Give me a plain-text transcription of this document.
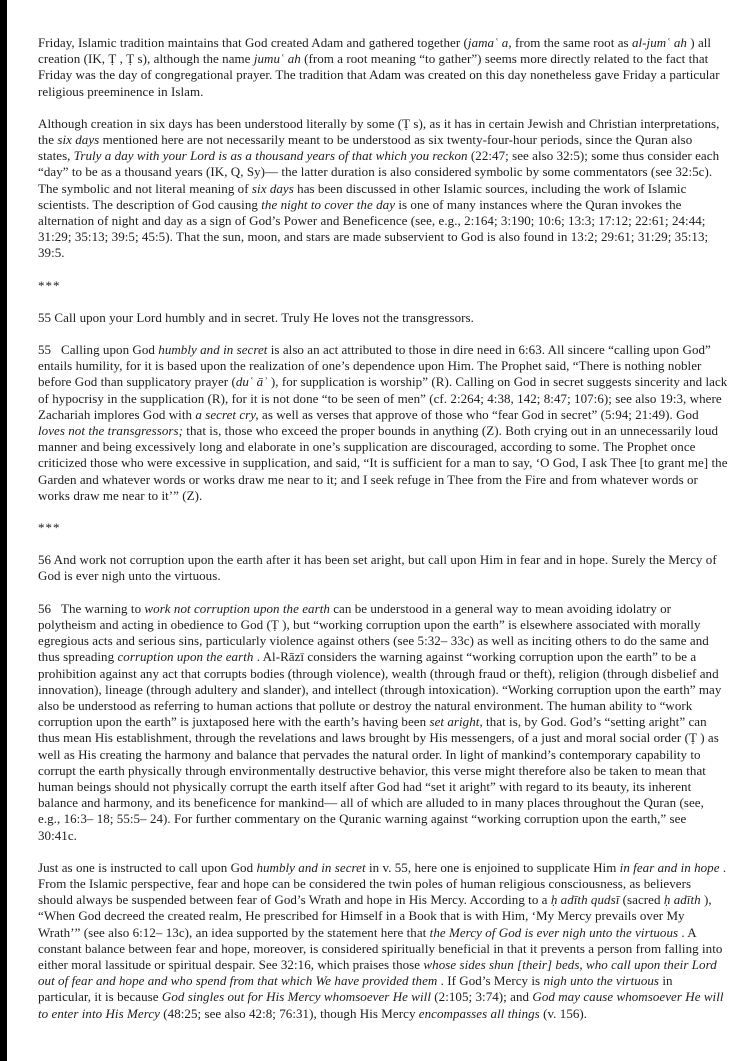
Friday, Islamic tradition maintains that God created Adam and gathered together (jamaʿ a, from the same root as al-jumʿ ah ) all creation (IK, Ṭ , Ṭ s), although the name jumuʿ ah (from a root meaning “to gather”) seems more directly related to the fact that Friday was the day of congregational prayer. The tradition that Adam was created on this day nonetheless gave Friday a particular religious preeminence in Islam.

Although creation in six days has been understood literally by some (Ṭ s), as it has in certain Jewish and Christian interpretations, the six days mentioned here are not necessarily meant to be understood as six twenty-four-hour periods, since the Quran also states, Truly a day with your Lord is as a thousand years of that which you reckon (22:47; see also 32:5); some thus consider each “day” to be as a thousand years (IK, Q, Sy)— the latter duration is also considered symbolic by some commentators (see 32:5c). The symbolic and not literal meaning of six days has been discussed in other Islamic sources, including the work of Islamic scientists. The description of God causing the night to cover the day is one of many instances where the Quran invokes the alternation of night and day as a sign of God’s Power and Beneficence (see, e.g., 2:164; 3:190; 10:6; 13:3; 17:12; 22:61; 24:44; 31:29; 35:13; 39:5; 45:5). That the sun, moon, and stars are made subservient to God is also found in 13:2; 29:61; 31:29; 35:13; 39:5.

***

55 Call upon your Lord humbly and in secret. Truly He loves not the transgressors.

55   Calling upon God humbly and in secret is also an act attributed to those in dire need in 6:63. All sincere “calling upon God” entails humility, for it is based upon the realization of one’s dependence upon Him. The Prophet said, “There is nothing nobler before God than supplicatory prayer (duʿ āʾ ), for supplication is worship” (R). Calling on God in secret suggests sincerity and lack of hypocrisy in the supplication (R), for it is not done “to be seen of men” (cf. 2:264; 4:38, 142; 8:47; 107:6); see also 19:3, where Zachariah implores God with a secret cry, as well as verses that approve of those who “fear God in secret” (5:94; 21:49). God loves not the transgressors; that is, those who exceed the proper bounds in anything (Z). Both crying out in an unnecessarily loud manner and being excessively long and elaborate in one’s supplication are discouraged, according to some. The Prophet once criticized those who were excessive in supplication, and said, “It is sufficient for a man to say, ‘O God, I ask Thee [to grant me] the Garden and whatever words or works draw me near to it; and I seek refuge in Thee from the Fire and from whatever words or works draw me near to it’” (Z).

***

56 And work not corruption upon the earth after it has been set aright, but call upon Him in fear and in hope. Surely the Mercy of God is ever nigh unto the virtuous.

56   The warning to work not corruption upon the earth can be understood in a general way to mean avoiding idolatry or polytheism and acting in obedience to God (Ṭ ), but “working corruption upon the earth” is elsewhere associated with morally egregious acts and serious sins, particularly violence against others (see 5:32– 33c) as well as inciting others to do the same and thus spreading corruption upon the earth . Al-Rāzī considers the warning against “working corruption upon the earth” to be a prohibition against any act that corrupts bodies (through violence), wealth (through fraud or theft), religion (through disbelief and innovation), lineage (through adultery and slander), and intellect (through intoxication). “Working corruption upon the earth” may also be understood as referring to human actions that pollute or destroy the natural environment. The human ability to “work corruption upon the earth” is juxtaposed here with the earth’s having been set aright, that is, by God. God’s “setting aright” can thus mean His establishment, through the revelations and laws brought by His messengers, of a just and moral social order (Ṭ ) as well as His creating the harmony and balance that pervades the natural order. In light of mankind’s contemporary capability to corrupt the earth physically through environmentally destructive behavior, this verse might therefore also be taken to mean that human beings should not physically corrupt the earth itself after God had “set it aright” with regard to its beauty, its inherent balance and harmony, and its beneficence for mankind— all of which are alluded to in many places throughout the Quran (see, e.g., 16:3– 18; 55:5– 24). For further commentary on the Quranic warning against “working corruption upon the earth,” see 30:41c.

Just as one is instructed to call upon God humbly and in secret in v. 55, here one is enjoined to supplicate Him in fear and in hope . From the Islamic perspective, fear and hope can be considered the twin poles of human religious consciousness, as believers should always be suspended between fear of God’s Wrath and hope in His Mercy. According to a ḥ adīth qudsī (sacred ḥ adīth ), “When God decreed the created realm, He prescribed for Himself in a Book that is with Him, ‘My Mercy prevails over My Wrath’” (see also 6:12– 13c), an idea supported by the statement here that the Mercy of God is ever nigh unto the virtuous . A constant balance between fear and hope, moreover, is considered spiritually beneficial in that it prevents a person from falling into either moral lassitude or spiritual despair. See 32:16, which praises those whose sides shun [their] beds, who call upon their Lord out of fear and hope and who spend from that which We have provided them . If God’s Mercy is nigh unto the virtuous in particular, it is because God singles out for His Mercy whomsoever He will (2:105; 3:74); and God may cause whomsoever He will to enter into His Mercy (48:25; see also 42:8; 76:31), though His Mercy encompasses all things (v. 156).
